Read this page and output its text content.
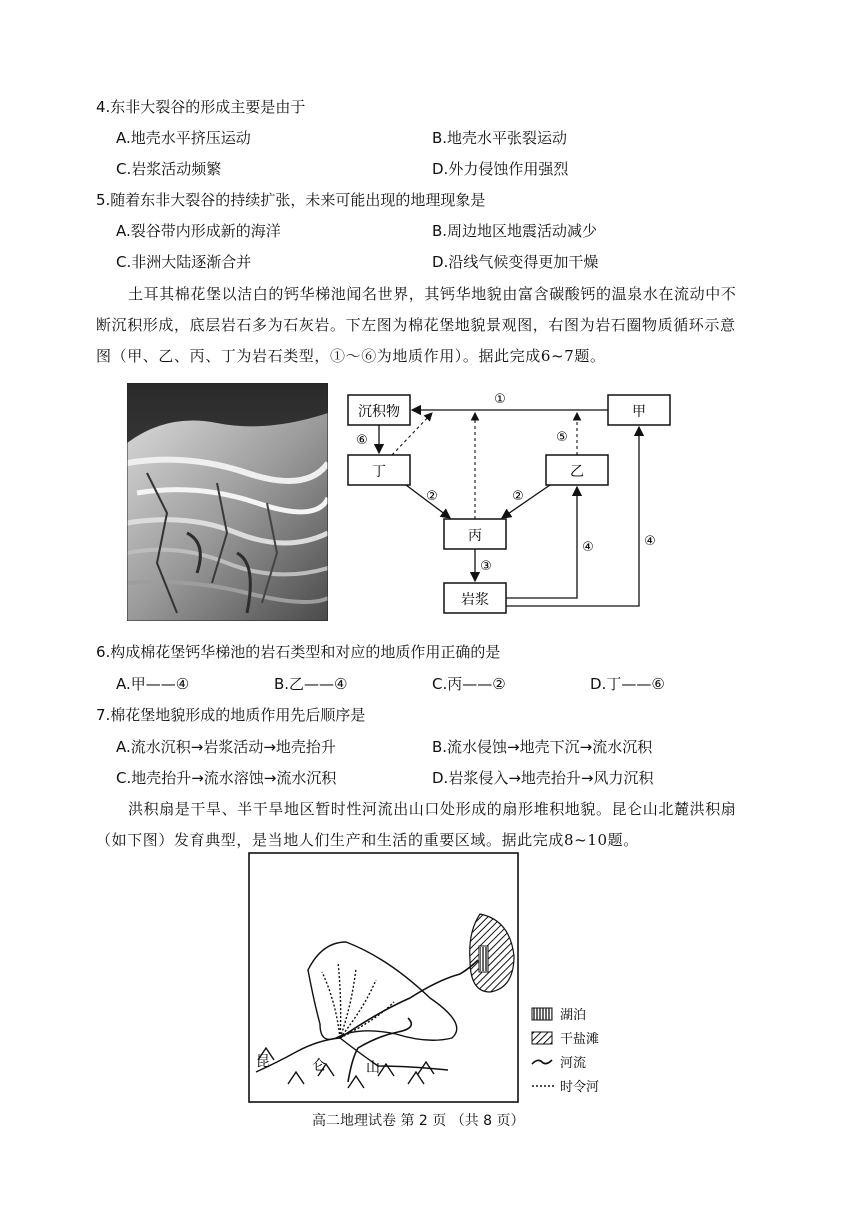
4.东非大裂谷的形成主要是由于
A.地壳水平挤压运动	B.地壳水平张裂运动
C.岩浆活动频繁	D.外力侵蚀作用强烈
5.随着东非大裂谷的持续扩张，未来可能出现的地理现象是
A.裂谷带内形成新的海洋	B.周边地区地震活动减少
C.非洲大陆逐渐合并	D.沿线气候变得更加干燥
土耳其棉花堡以洁白的钙华梯池闻名世界，其钙华地貌由富含碳酸钙的温泉水在流动中不
断沉积形成，底层岩石多为石灰岩。下左图为棉花堡地貌景观图，右图为岩石圈物质循环示意
图（甲、乙、丙、丁为岩石类型，①～⑥为地质作用）。据此完成6~7题。
沉积物	甲
丁	乙
丙
岩浆
①
⑥	⑤
②	②
③
④	④
6.构成棉花堡钙华梯池的岩石类型和对应的地质作用正确的是
A.甲——④	B.乙——④	C.丙——②	D.丁——⑥
7.棉花堡地貌形成的地质作用先后顺序是
A.流水沉积→岩浆活动→地壳抬升	B.流水侵蚀→地壳下沉→流水沉积
C.地壳抬升→流水溶蚀→流水沉积	D.岩浆侵入→地壳抬升→风力沉积
洪积扇是干旱、半干旱地区暂时性河流出山口处形成的扇形堆积地貌。昆仑山北麓洪积扇
（如下图）发育典型，是当地人们生产和生活的重要区域。据此完成8~10题。
昆	仑	山
湖泊
干盐滩
河流
时令河
高二地理试卷 第 2 页 （共 8 页）
